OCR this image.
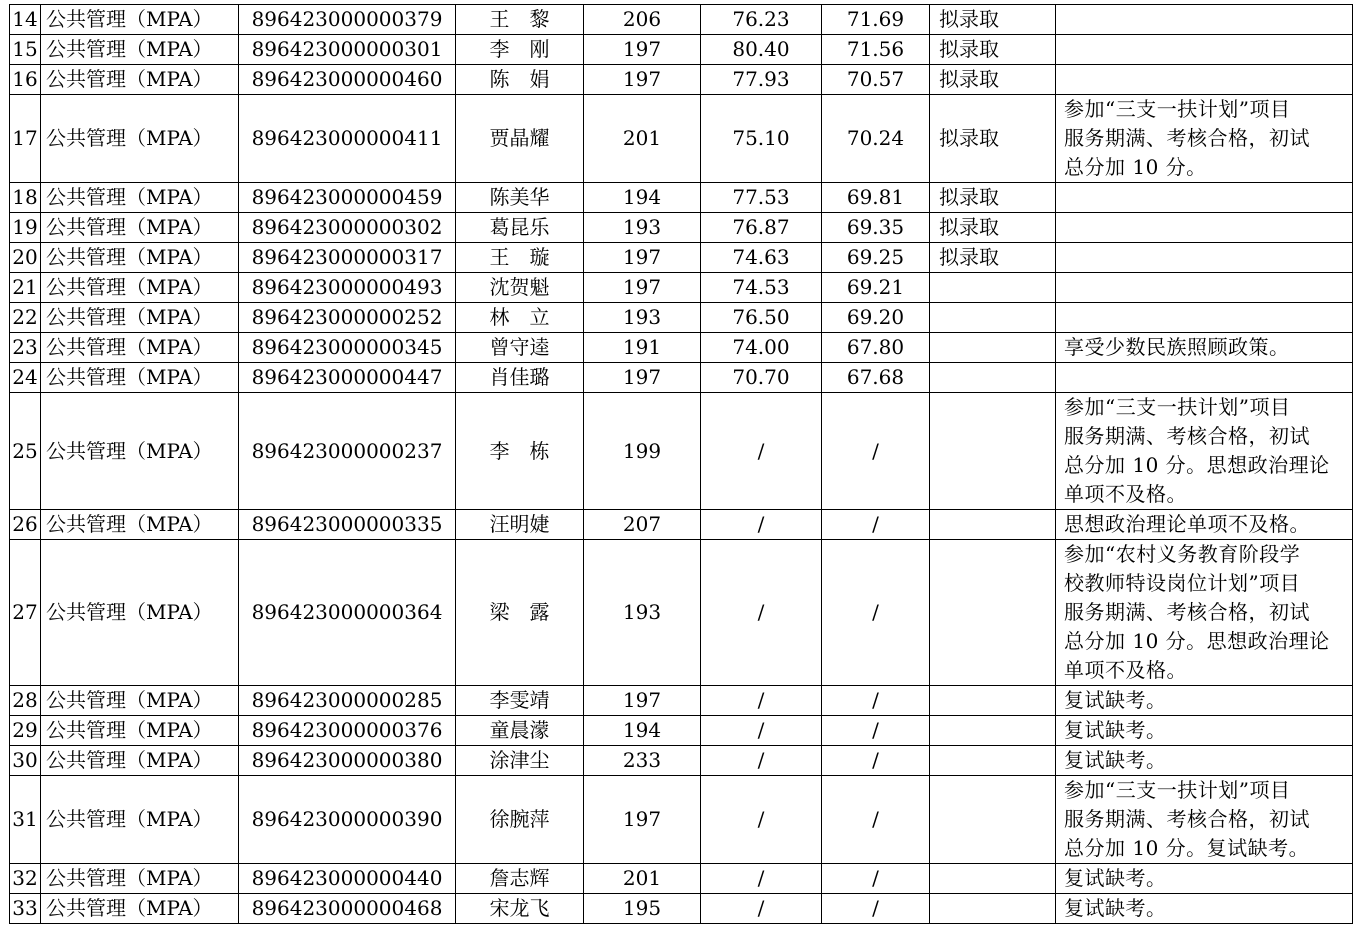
14	公共管理（MPA）	896423000000379	王　黎	206	76.23	71.69	拟录取	

15	公共管理（MPA）	896423000000301	李　刚	197	80.40	71.56	拟录取	

16	公共管理（MPA）	896423000000460	陈　娟	197	77.93	70.57	拟录取	

17	公共管理（MPA）	896423000000411	贾晶耀	201	75.10	70.24	拟录取	参加“三支一扶计划”项目
服务期满、考核合格，初试
总分加 10 分。

18	公共管理（MPA）	896423000000459	陈美华	194	77.53	69.81	拟录取	

19	公共管理（MPA）	896423000000302	葛昆乐	193	76.87	69.35	拟录取	

20	公共管理（MPA）	896423000000317	王　璇	197	74.63	69.25	拟录取	

21	公共管理（MPA）	896423000000493	沈贺魁	197	74.53	69.21		

22	公共管理（MPA）	896423000000252	林　立	193	76.50	69.20		

23	公共管理（MPA）	896423000000345	曾守逵	191	74.00	67.80		享受少数民族照顾政策。

24	公共管理（MPA）	896423000000447	肖佳璐	197	70.70	67.68		

25	公共管理（MPA）	896423000000237	李　栋	199	/	/		参加“三支一扶计划”项目
服务期满、考核合格，初试
总分加 10 分。思想政治理论
单项不及格。

26	公共管理（MPA）	896423000000335	汪明婕	207	/	/		思想政治理论单项不及格。

27	公共管理（MPA）	896423000000364	梁　露	193	/	/		参加“农村义务教育阶段学
校教师特设岗位计划”项目
服务期满、考核合格，初试
总分加 10 分。思想政治理论
单项不及格。

28	公共管理（MPA）	896423000000285	李雯靖	197	/	/		复试缺考。

29	公共管理（MPA）	896423000000376	童晨濛	194	/	/		复试缺考。

30	公共管理（MPA）	896423000000380	涂津尘	233	/	/		复试缺考。

31	公共管理（MPA）	896423000000390	徐腕萍	197	/	/		参加“三支一扶计划”项目
服务期满、考核合格，初试
总分加 10 分。复试缺考。

32	公共管理（MPA）	896423000000440	詹志辉	201	/	/		复试缺考。

33	公共管理（MPA）	896423000000468	宋龙飞	195	/	/		复试缺考。
